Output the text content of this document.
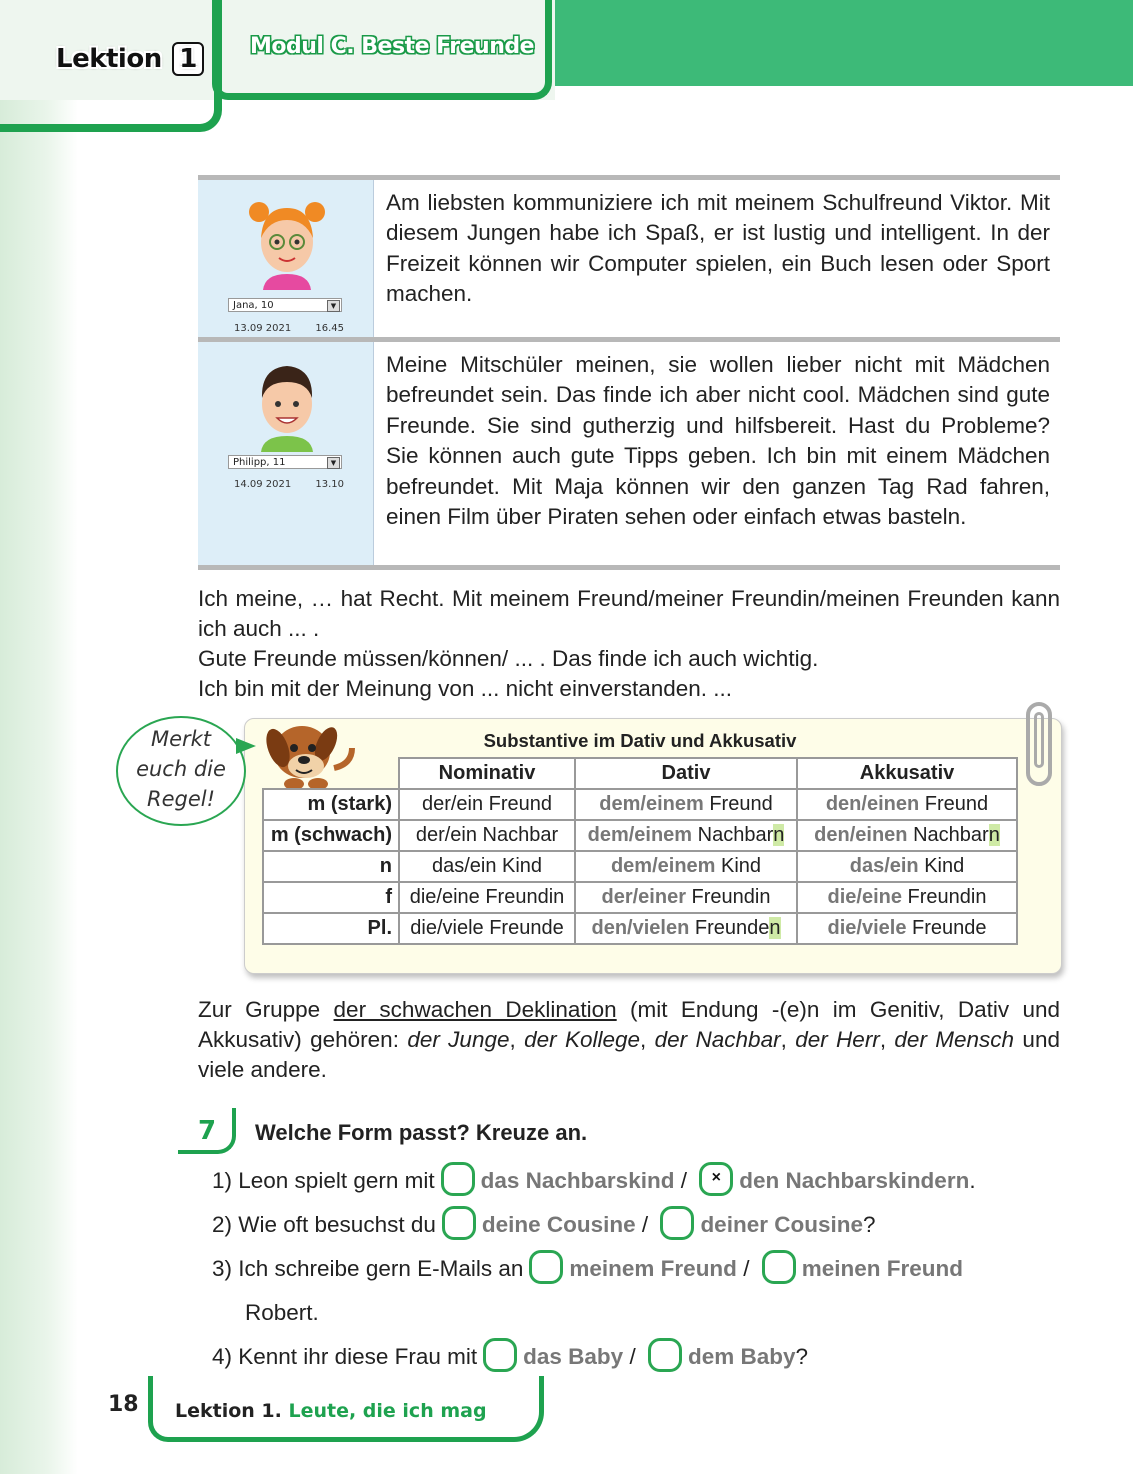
Lektion 1	Modul C. Beste Freunde
Jana, 10	▼
13.09 2021 16.45
Am liebsten kommuniziere ich mit meinem Schulfreund Viktor. Mit diesem Jungen habe ich Spaß, er ist lustig und intelligent. In der Freizeit können wir Computer spielen, ein Buch lesen oder Sport machen.
Philipp, 11	▼
14.09 2021 13.10
Meine Mitschüler meinen, sie wollen lieber nicht mit Mädchen befreundet sein. Das finde ich aber nicht cool. Mädchen sind gute Freunde. Sie sind gutherzig und hilfsbereit. Hast du Probleme? Sie können auch gute Tipps geben. Ich bin mit einem Mädchen befreundet. Mit Maja können wir den ganzen Tag Rad fahren, einen Film über Piraten sehen oder einfach etwas basteln.

Ich meine, … hat Recht. Mit meinem Freund/meiner Freundin/meinen Freunden kann ich auch ... .

Gute Freunde müssen/können/ ... . Das finde ich auch wichtig.

Ich bin mit der Meinung von ... nicht einverstanden. ...

Merkt
euch die
Regel!
Substantive im Dativ und Akkusativ
	Nominativ	Dativ	Akkusativ
m (stark)	der/ein Freund	dem/einem Freund	den/einen Freund
m (schwach)	der/ein Nachbar	dem/einem Nachbarn	den/einen Nachbarn
n	das/ein Kind	dem/einem Kind	das/ein Kind
f	die/eine Freundin	der/einer Freundin	die/eine Freundin
Pl.	die/viele Freunde	den/vielen Freunden	die/viele Freunde

Zur Gruppe der schwachen Deklination (mit Endung -(e)n im Genitiv, Dativ und Akkusativ) gehören: der Junge, der Kollege, der Nachbar, der Herr, der Mensch und viele andere.

7 Welche Form passt? Kreuze an.
1) Leon spielt gern mit das Nachbarskind / × den Nachbarskindern.
2) Wie oft besuchst du deine Cousine / deiner Cousine?
3) Ich schreibe gern E-Mails an meinem Freund / meinen Freund
Robert.
4) Kennt ihr diese Frau mit das Baby / dem Baby?
18 Lektion 1. Leute, die ich mag
